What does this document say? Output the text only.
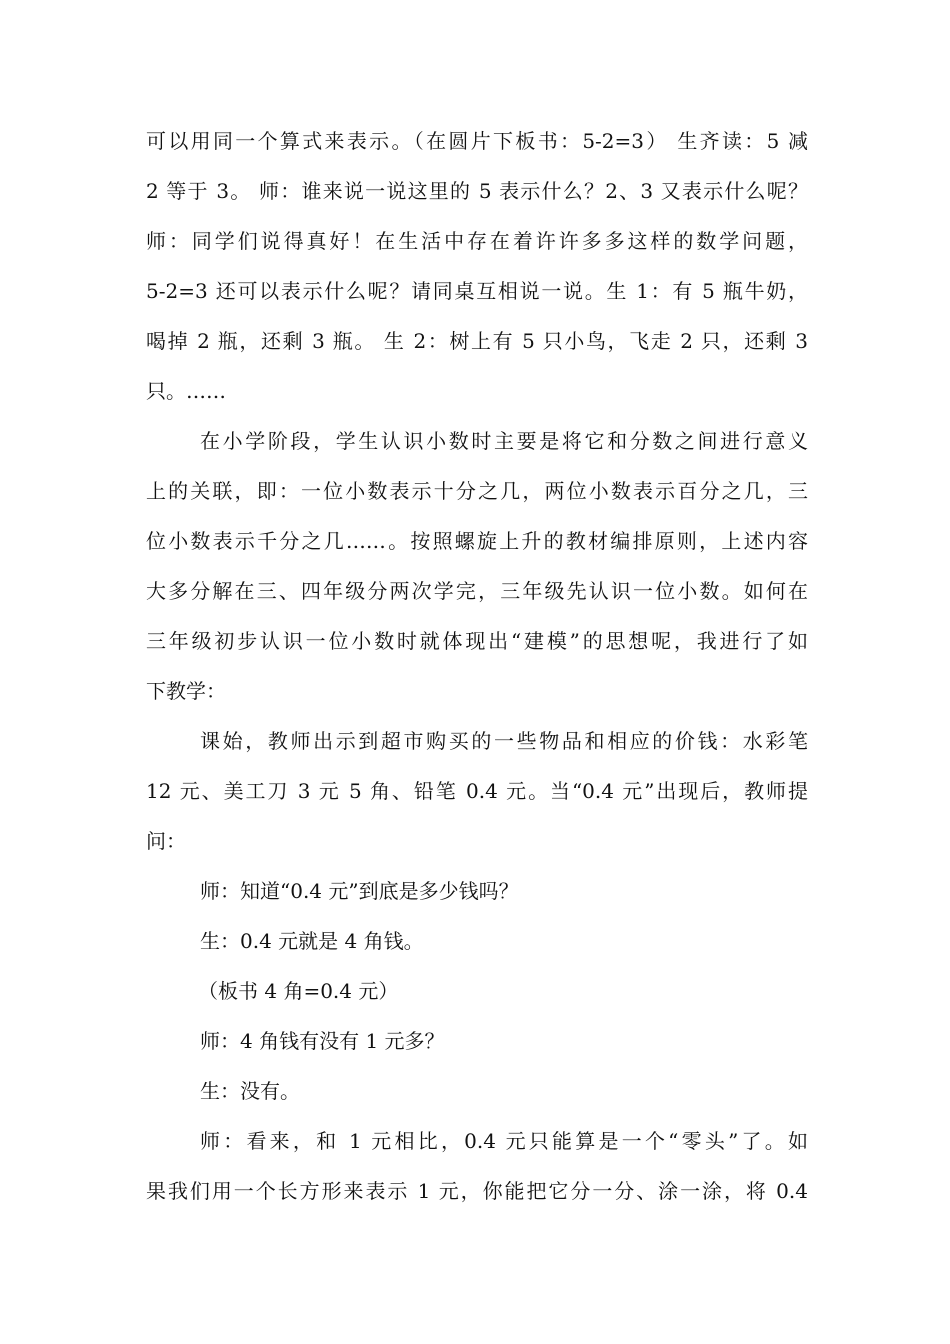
可以用同一个算式来表示。（在圆片下板书：5-2=3） 生齐读：5 减
2 等于 3。 师：谁来说一说这里的 5 表示什么？2、3 又表示什么呢？
师：同学们说得真好！在生活中存在着许许多多这样的数学问题，
5-2=3 还可以表示什么呢？请同桌互相说一说。生 1：有 5 瓶牛奶，
喝掉 2 瓶，还剩 3 瓶。 生 2：树上有 5 只小鸟，飞走 2 只，还剩 3
只。……

在小学阶段，学生认识小数时主要是将它和分数之间进行意义
上的关联，即：一位小数表示十分之几，两位小数表示百分之几，三
位小数表示千分之几……。按照螺旋上升的教材编排原则，上述内容
大多分解在三、四年级分两次学完，三年级先认识一位小数。如何在
三年级初步认识一位小数时就体现出“建模”的思想呢，我进行了如
下教学：

课始，教师出示到超市购买的一些物品和相应的价钱：水彩笔
12 元、美工刀 3 元 5 角、铅笔 0.4 元。当“0.4 元”出现后，教师提
问：

师：知道“0.4 元”到底是多少钱吗？

生：0.4 元就是 4 角钱。

（板书 4 角=0.4 元）

师：4 角钱有没有 1 元多？

生：没有。

师：看来，和 1 元相比，0.4 元只能算是一个“零头”了。如
果我们用一个长方形来表示 1 元，你能把它分一分、涂一涂，将 0.4
